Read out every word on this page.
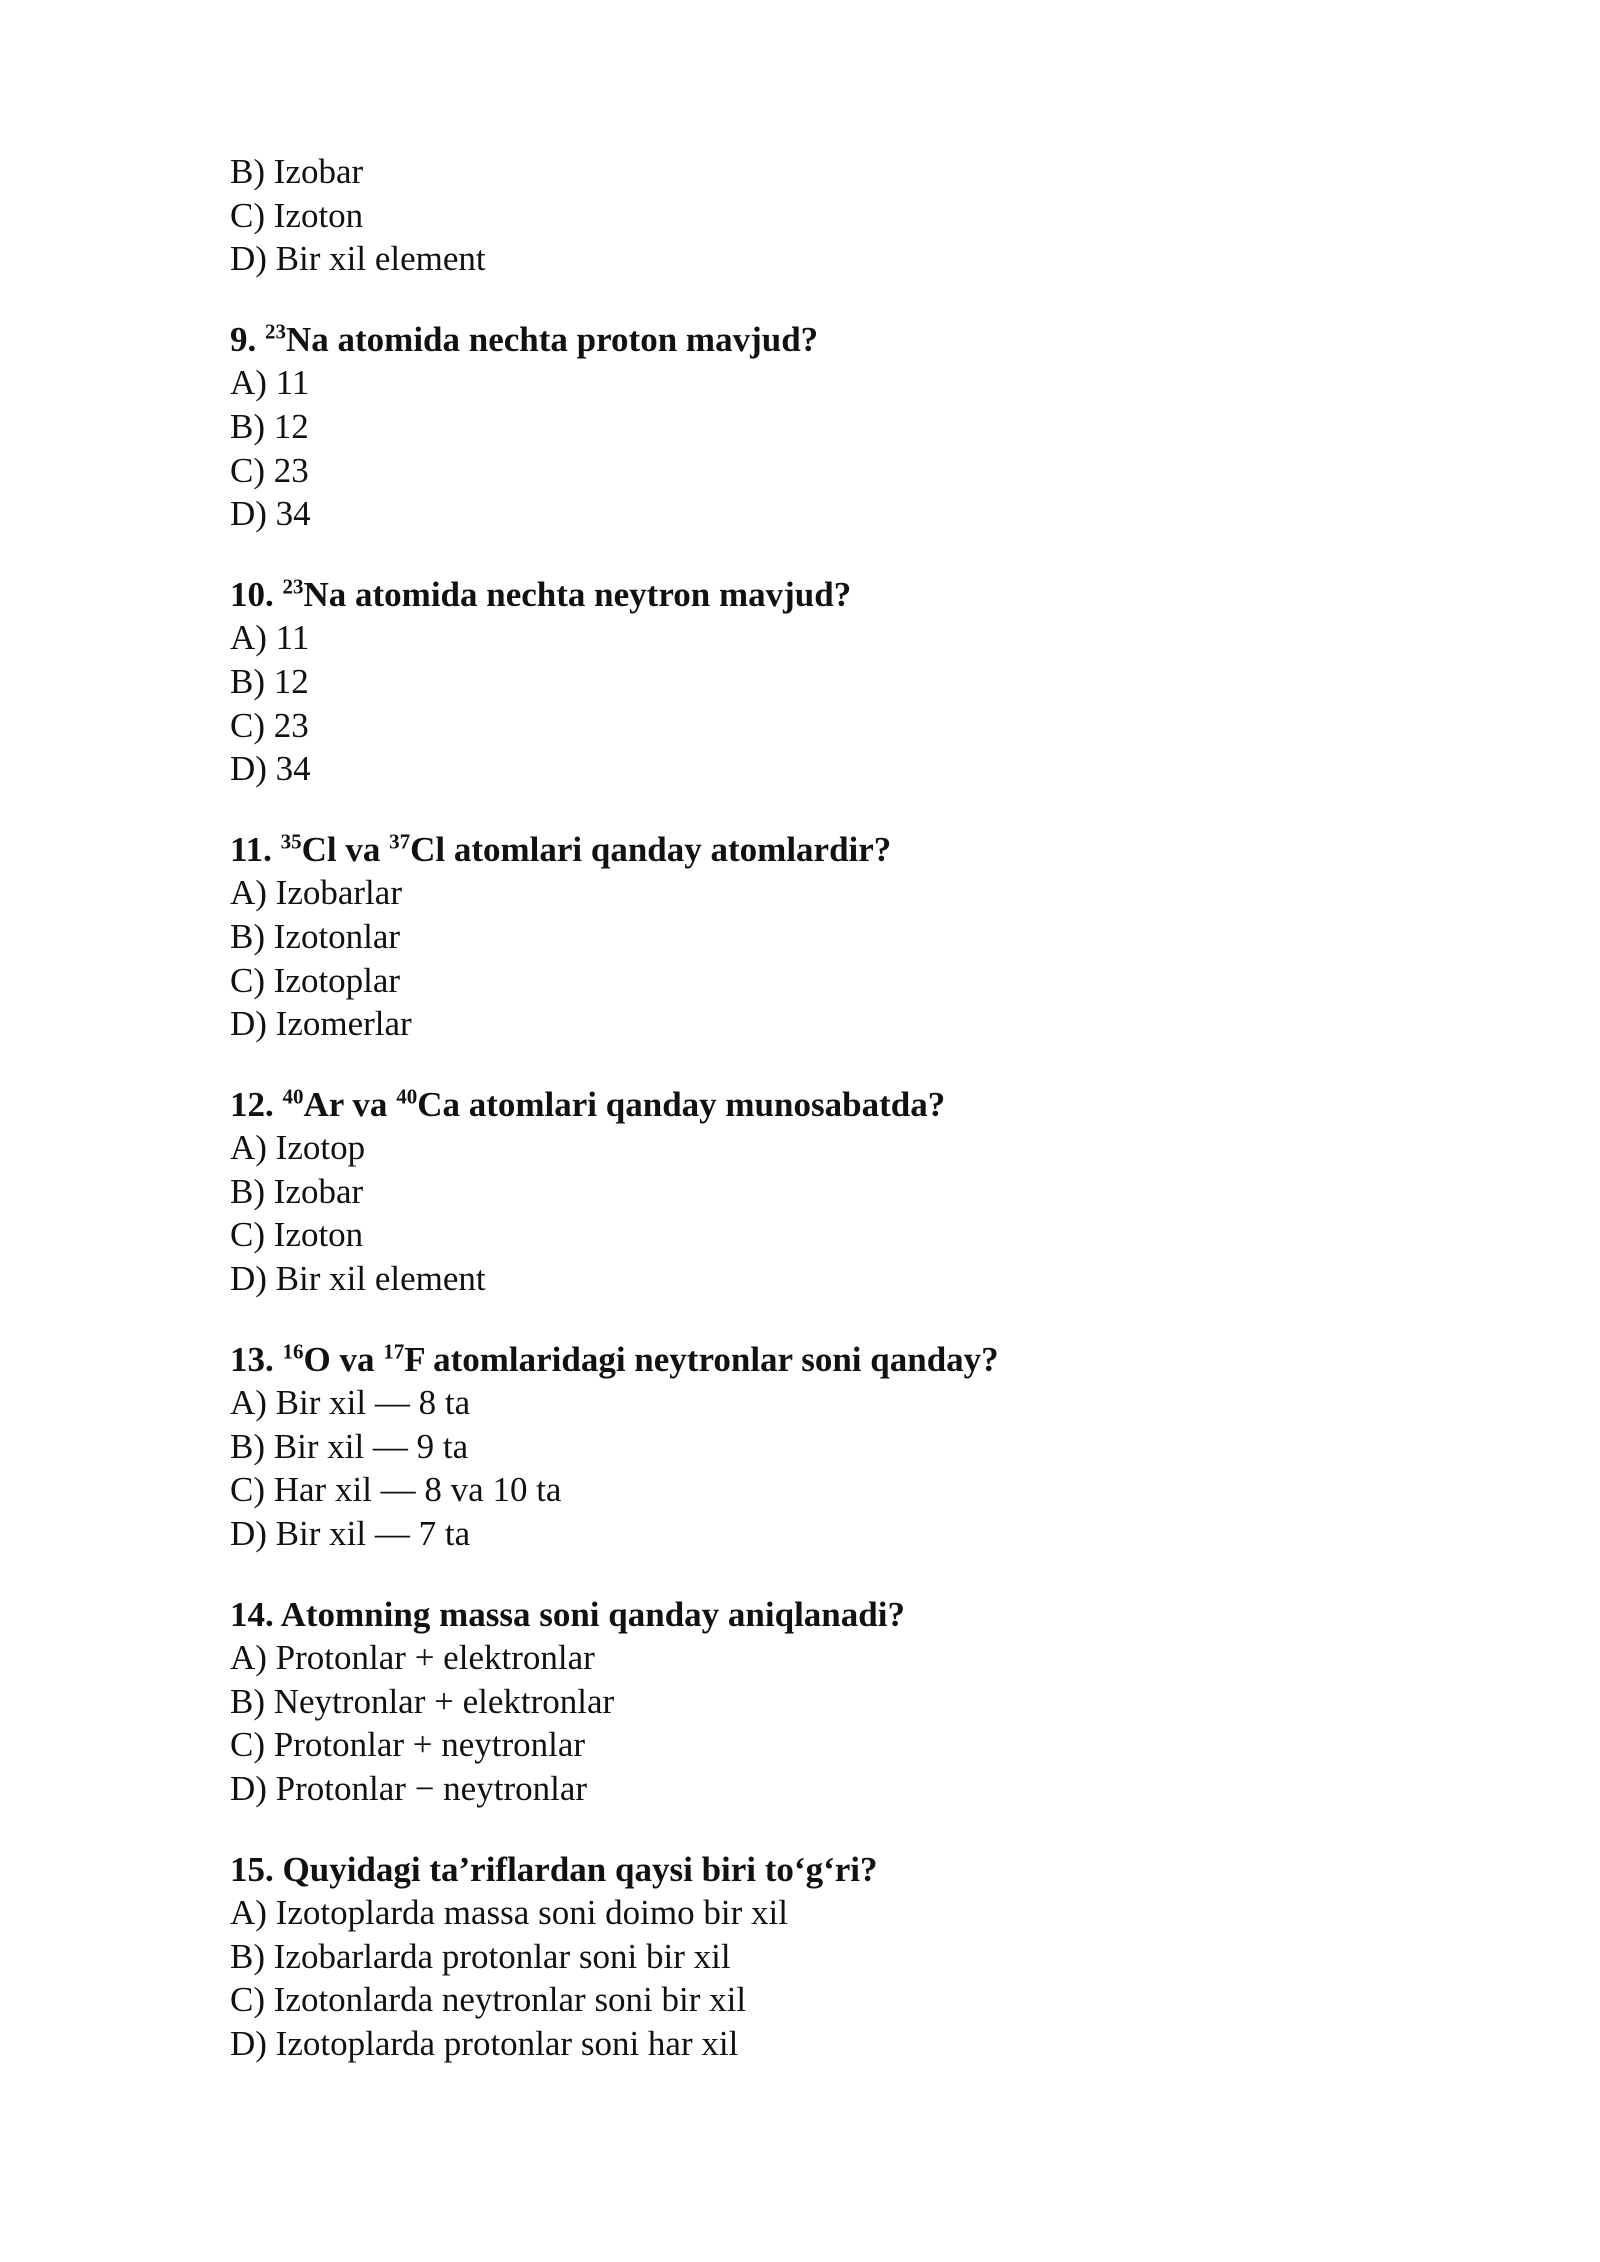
B) Izobar
C) Izoton
D) Bir xil element
9. $^{23}$Na atomida nechta proton mavjud?
A) 11
B) 12
C) 23
D) 34
10. $^{23}$Na atomida nechta neytron mavjud?
A) 11
B) 12
C) 23
D) 34
11. $^{35}$Cl va $^{37}$Cl atomlari qanday atomlardir?
A) Izobarlar
B) Izotonlar
C) Izotoplar
D) Izomerlar
12. $^{40}$Ar va $^{40}$Ca atomlari qanday munosabatda?
A) Izotop
B) Izobar
C) Izoton
D) Bir xil element
13. $^{16}$O va $^{17}$F atomlaridagi neytronlar soni qanday?
A) Bir xil — 8 ta
B) Bir xil — 9 ta
C) Har xil — 8 va 10 ta
D) Bir xil — 7 ta
14. Atomning massa soni qanday aniqlanadi?
A) Protonlar + elektronlar
B) Neytronlar + elektronlar
C) Protonlar + neytronlar
D) Protonlar − neytronlar
15. Quyidagi ta’riflardan qaysi biri to‘g‘ri?
A) Izotoplarda massa soni doimo bir xil
B) Izobarlarda protonlar soni bir xil
C) Izotonlarda neytronlar soni bir xil
D) Izotoplarda protonlar soni har xil
